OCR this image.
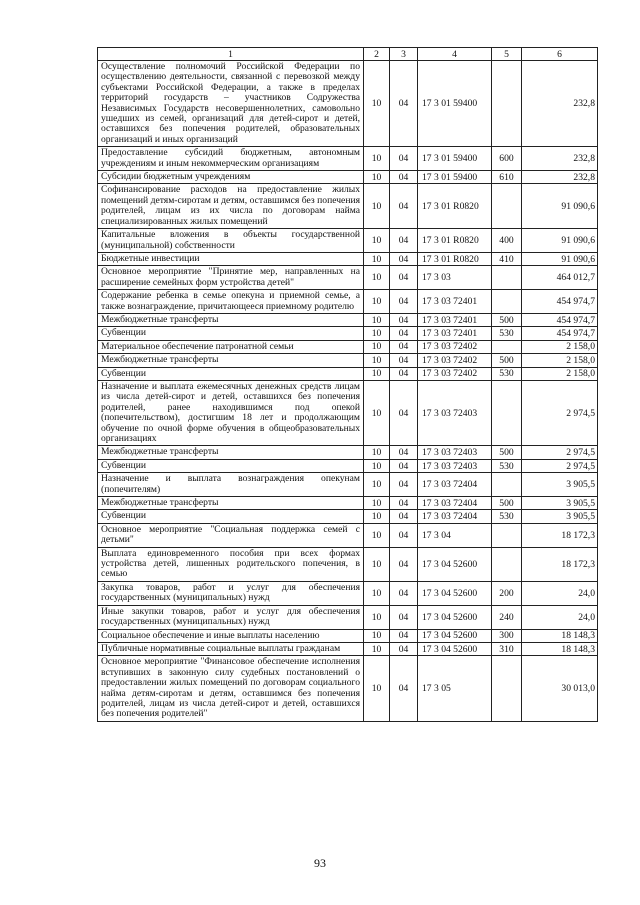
1	2	3	4	5	6
Осуществление полномочий Российской Федерации по осуществлению деятельности, связанной с перевозкой между субъектами Российской Федерации, а также в пределах территорий государств – участников Содружества Независимых Государств несовершеннолетних, самовольно ушедших из семей, организаций для детей-сирот и детей, оставшихся без попечения родителей, образовательных организаций и иных организаций	10	04	17 3 01 59400		232,8
Предоставление субсидий бюджетным, автономным учреждениям и иным некоммерческим организациям	10	04	17 3 01 59400	600	232,8
Субсидии бюджетным учреждениям	10	04	17 3 01 59400	610	232,8
Софинансирование расходов на предоставление жилых помещений детям-сиротам и детям, оставшимся без попечения родителей, лицам из их числа по договорам найма специализированных жилых помещений	10	04	17 3 01 R0820		91 090,6
Капитальные вложения в объекты государственной (муниципальной) собственности	10	04	17 3 01 R0820	400	91 090,6
Бюджетные инвестиции	10	04	17 3 01 R0820	410	91 090,6
Основное мероприятие "Принятие мер, направленных на расширение семейных форм устройства детей"	10	04	17 3 03		464 012,7
Содержание ребенка в семье опекуна и приемной семье, а также вознаграждение, причитающееся приемному родителю	10	04	17 3 03 72401		454 974,7
Межбюджетные трансферты	10	04	17 3 03 72401	500	454 974,7
Субвенции	10	04	17 3 03 72401	530	454 974,7
Материальное обеспечение патронатной семьи	10	04	17 3 03 72402		2 158,0
Межбюджетные трансферты	10	04	17 3 03 72402	500	2 158,0
Субвенции	10	04	17 3 03 72402	530	2 158,0
Назначение и выплата ежемесячных денежных средств лицам из числа детей-сирот и детей, оставшихся без попечения родителей, ранее находившимся под опекой (попечительством), достигшим 18 лет и продолжающим обучение по очной форме обучения в общеобразовательных организациях	10	04	17 3 03 72403		2 974,5
Межбюджетные трансферты	10	04	17 3 03 72403	500	2 974,5
Субвенции	10	04	17 3 03 72403	530	2 974,5
Назначение и выплата вознаграждения опекунам (попечителям)	10	04	17 3 03 72404		3 905,5
Межбюджетные трансферты	10	04	17 3 03 72404	500	3 905,5
Субвенции	10	04	17 3 03 72404	530	3 905,5
Основное мероприятие "Социальная поддержка семей с детьми"	10	04	17 3 04		18 172,3
Выплата единовременного пособия при всех формах устройства детей, лишенных родительского попечения, в семью	10	04	17 3 04 52600		18 172,3
Закупка товаров, работ и услуг для обеспечения государственных (муниципальных) нужд	10	04	17 3 04 52600	200	24,0
Иные закупки товаров, работ и услуг для обеспечения государственных (муниципальных) нужд	10	04	17 3 04 52600	240	24,0
Социальное обеспечение и иные выплаты населению	10	04	17 3 04 52600	300	18 148,3
Публичные нормативные социальные выплаты гражданам	10	04	17 3 04 52600	310	18 148,3
Основное мероприятие "Финансовое обеспечение исполнения вступивших в законную силу судебных постановлений о предоставлении жилых помещений по договорам социального найма детям-сиротам и детям, оставшимся без попечения родителей, лицам из числа детей-сирот и детей, оставшихся без попечения родителей"	10	04	17 3 05		30 013,0
93
